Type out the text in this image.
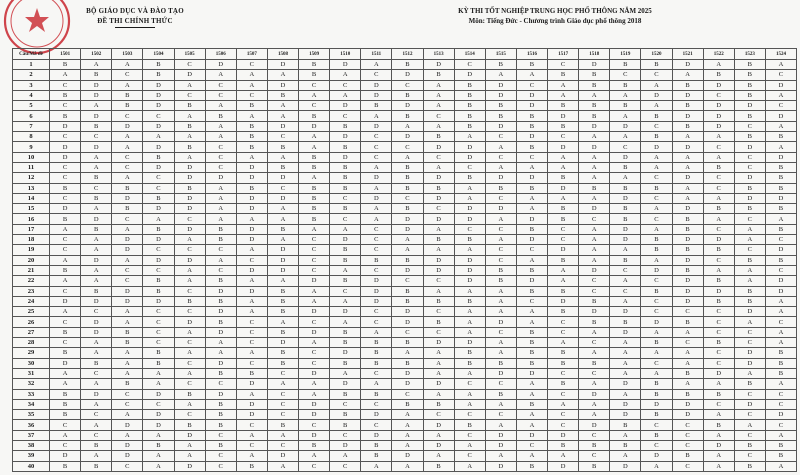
BỘ GIÁO DỤC VÀ ĐÀO TẠO
ĐỀ THI CHÍNH THỨC
KỲ THI TỐT NGHIỆP TRUNG HỌC PHỔ THÔNG NĂM 2025
Môn: Tiếng Đức - Chương trình Giáo dục phổ thông 2018
Câu/Mã đề	1501	1502	1503	1504	1505	1506	1507	1508	1509	1510	1511	1512	1513	1514	1515	1516	1517	1518	1519	1520	1521	1522	1523	1524
1	B	A	A	B	C	D	C	D	B	D	A	B	D	C	B	B	C	D	B	B	D	A	B	A
2	A	B	C	B	D	A	A	A	B	A	C	D	B	D	A	A	B	B	C	C	A	B	B	C
3	C	D	A	D	A	C	A	D	C	C	D	C	A	B	D	C	A	B	B	A	B	D	B	D
4	B	D	B	D	C	C	C	B	A	A	D	B	A	B	D	D	A	A	A	D	D	C	B	A
5	C	A	B	D	B	A	B	A	C	D	B	D	A	B	B	D	B	B	B	A	B	D	D	C
6	B	D	C	C	A	B	A	A	B	C	A	B	C	B	B	B	D	B	A	B	D	D	B	D
7	D	B	D	D	B	A	B	D	D	B	D	A	A	B	D	B	B	D	D	C	B	D	C	A
8	C	C	A	A	A	A	B	C	A	D	C	D	B	A	C	D	C	A	A	B	A	A	B	B
9	D	D	A	D	B	C	B	B	A	B	C	C	D	D	A	B	D	D	C	D	D	C	D	A
10	D	A	C	B	A	C	A	A	B	D	C	A	C	D	C	C	A	A	D	A	A	A	C	D
11	C	A	C	D	D	C	D	B	B	B	A	B	A	C	A	A	A	A	B	A	A	B	C	B
12	C	B	A	C	D	D	D	D	A	B	D	B	D	B	D	D	B	A	A	C	D	C	D	B
13	B	C	B	C	B	A	B	C	B	B	A	B	B	A	B	B	D	B	B	B	A	C	B	B
14	C	B	D	B	D	A	D	D	B	C	D	C	D	A	C	A	A	A	D	C	A	A	D	D
15	D	A	B	D	D	A	D	A	B	B	A	B	C	D	D	A	B	D	B	A	D	B	B	B
16	B	D	C	A	C	A	A	A	B	C	A	D	D	D	A	D	B	C	B	C	B	A	C	A
17	A	B	A	B	D	B	D	B	A	A	C	D	A	C	C	B	C	A	D	A	B	C	A	B
18	C	A	D	D	A	B	D	A	C	D	C	A	B	B	A	D	C	A	D	B	D	D	A	C
19	C	A	D	C	C	C	A	D	C	B	C	A	A	A	C	C	D	A	A	B	B	B	C	D
20	A	D	A	D	D	A	C	D	C	B	B	B	D	D	C	A	B	A	B	A	D	C	B	B
21	B	A	C	C	A	C	D	D	C	A	C	D	D	D	B	B	A	D	C	D	B	A	A	C
22	A	A	C	B	A	B	A	A	D	B	D	C	C	D	B	D	A	C	A	C	D	B	A	D
23	C	B	D	B	C	D	D	B	A	C	D	B	A	A	A	B	B	C	C	B	D	D	B	D
24	D	D	D	D	B	B	A	B	A	A	D	B	B	B	A	C	D	B	A	C	D	B	B	A
25	A	C	A	C	C	D	A	B	D	D	C	D	C	A	A	A	B	D	D	C	C	C	D	A
26	C	D	A	C	D	B	C	A	C	A	C	D	B	A	D	A	C	B	B	D	B	C	A	C
27	B	D	B	C	A	D	C	B	D	B	A	C	C	A	C	B	C	A	D	A	A	C	C	A
28	C	A	B	C	C	A	C	D	A	B	B	B	D	D	A	B	A	C	A	B	C	B	C	A
29	B	A	A	B	A	A	A	B	C	D	B	A	A	B	A	B	B	A	A	A	A	C	D	B
30	D	B	A	B	C	D	C	B	C	B	B	B	A	B	B	B	B	B	A	C	A	C	D	B
31	A	C	A	A	A	B	B	C	D	A	C	D	A	A	D	D	C	C	A	A	B	D	A	B
32	A	A	B	A	C	C	D	A	A	D	A	D	D	C	C	A	B	A	D	B	A	A	B	A
33	B	D	C	D	B	D	A	C	A	B	B	C	A	A	B	A	C	D	A	B	B	B	C	C
34	B	A	C	C	A	B	D	C	D	C	C	B	B	A	A	B	A	A	D	D	D	C	D	C
35	B	C	A	D	C	B	D	C	D	B	D	A	C	C	C	A	C	A	D	B	D	A	C	D
36	C	A	D	D	B	B	C	B	C	B	C	A	D	B	A	A	C	D	B	C	C	B	A	C
37	A	C	A	A	D	C	A	A	D	C	D	A	A	C	D	D	D	C	A	B	C	A	C	A
38	C	B	D	B	A	B	C	C	B	D	B	A	D	A	D	C	B	B	B	C	C	D	B	B
39	D	A	D	A	A	C	A	D	A	A	B	D	A	C	A	A	A	C	A	D	B	A	C	B
40	B	B	C	A	D	C	B	A	C	C	A	A	B	A	D	B	D	B	D	A	C	A	B	A
